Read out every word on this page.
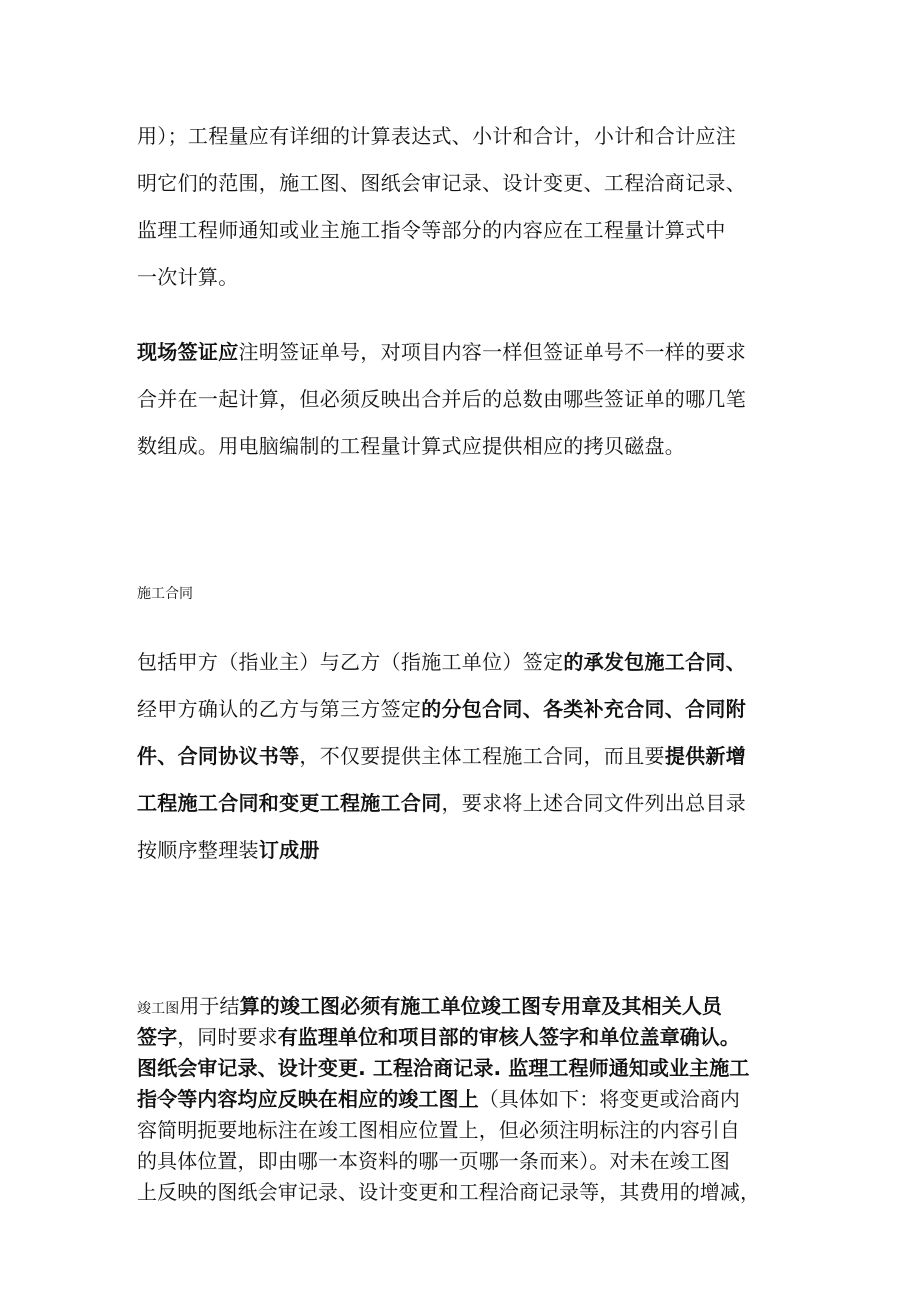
用）；工程量应有详细的计算表达式、小计和合计，小计和合计应注

明它们的范围，施工图、图纸会审记录、设计变更、工程洽商记录、

监理工程师通知或业主施工指令等部分的内容应在工程量计算式中

一次计算。

现场签证应注明签证单号，对项目内容一样但签证单号不一样的要求

合并在一起计算，但必须反映出合并后的总数由哪些签证单的哪几笔

数组成。用电脑编制的工程量计算式应提供相应的拷贝磁盘。

施工合同

包括甲方（指业主）与乙方（指施工单位）签定的承发包施工合同、

经甲方确认的乙方与第三方签定的分包合同、各类补充合同、合同附

件、合同协议书等，不仅要提供主体工程施工合同，而且要提供新增

工程施工合同和变更工程施工合同，要求将上述合同文件列出总目录

按顺序整理装订成册

竣工图用于结算的竣工图必须有施工单位竣工图专用章及其相关人员

签字，同时要求有监理单位和项目部的审核人签字和单位盖章确认。

图纸会审记录、设计变更. 工程洽商记录. 监理工程师通知或业主施工

指令等内容均应反映在相应的竣工图上（具体如下：将变更或洽商内

容简明扼要地标注在竣工图相应位置上，但必须注明标注的内容引自

的具体位置，即由哪一本资料的哪一页哪一条而来）。对未在竣工图

上反映的图纸会审记录、设计变更和工程洽商记录等，其费用的增减，
